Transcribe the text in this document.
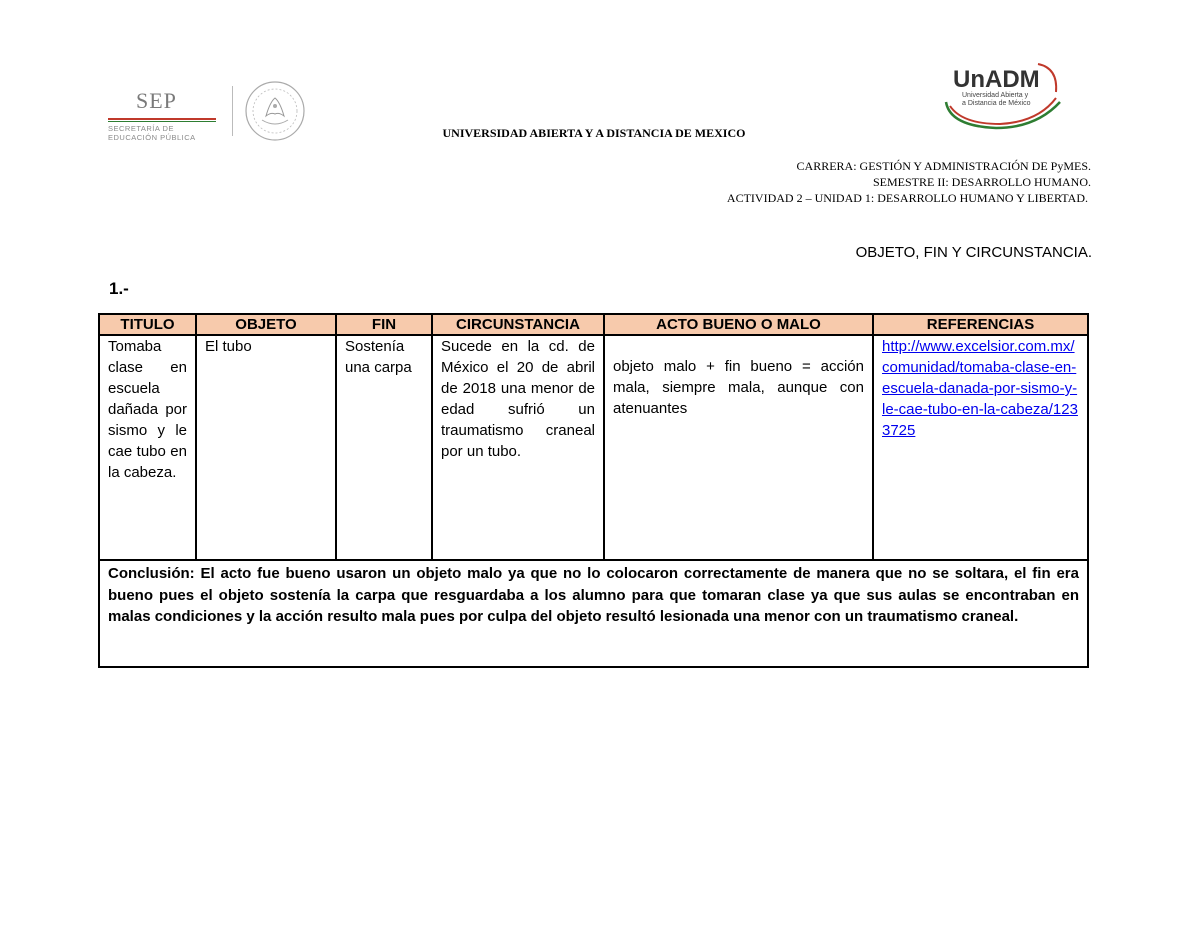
SEP
SECRETARÍA DE
EDUCACIÓN PÚBLICA
UnADM
Universidad Abierta y
a Distancia de México
UNIVERSIDAD ABIERTA Y A DISTANCIA DE MEXICO
CARRERA: GESTIÓN Y ADMINISTRACIÓN DE PyMES.
SEMESTRE II: DESARROLLO HUMANO.
ACTIVIDAD 2 – UNIDAD 1: DESARROLLO HUMANO Y LIBERTAD.
OBJETO, FIN Y CIRCUNSTANCIA.
1.-
TITULO	OBJETO	FIN	CIRCUNSTANCIA	ACTO BUENO O MALO	REFERENCIAS
Tomaba clase en escuela dañada por sismo y le cae tubo en la cabeza.	El tubo	Sostenía una carpa	Sucede en la cd. de México el 20 de abril de 2018 una menor de edad sufrió un traumatismo craneal por un tubo.	objeto malo + fin bueno = acción mala, siempre mala, aunque con atenuantes	http://www.excelsior.com.mx/comunidad/tomaba-clase-en-escuela-danada-por-sismo-y-le-cae-tubo-en-la-cabeza/1233725
Conclusión: El acto fue bueno usaron un objeto malo ya que no lo colocaron correctamente de manera que no se soltara, el fin era bueno pues el objeto sostenía la carpa que resguardaba a los alumno para que tomaran clase ya que sus aulas se encontraban en malas condiciones y la acción resulto mala pues por culpa del objeto resultó lesionada una menor con un traumatismo craneal.					
